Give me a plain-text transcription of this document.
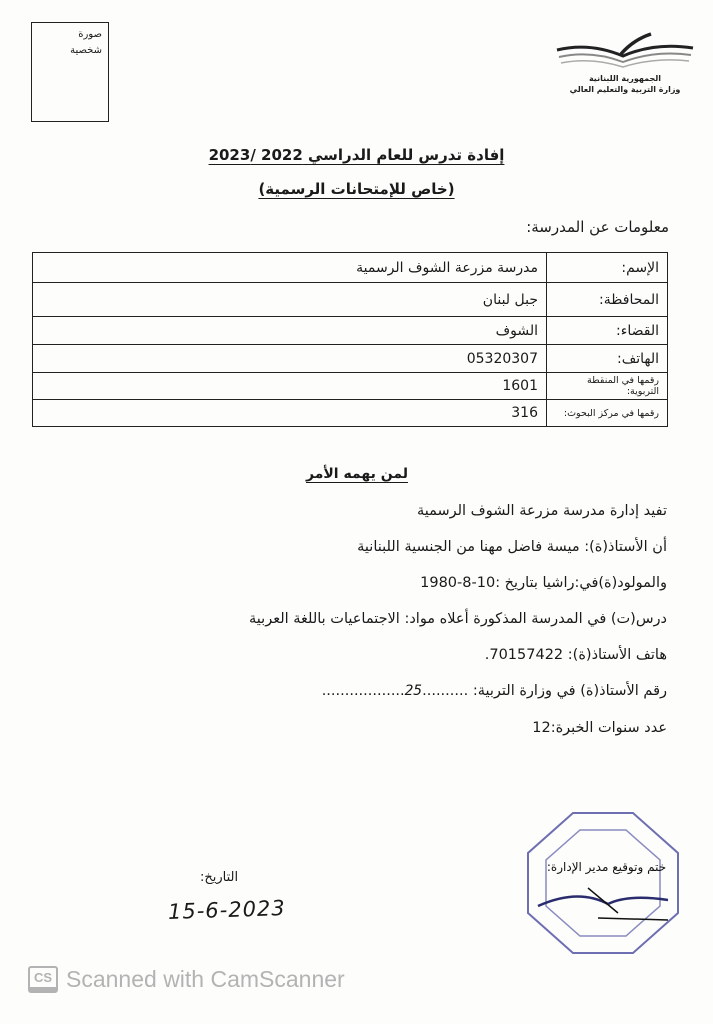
صورة
شخصية
الجمهورية اللبنانية
وزارة التربية والتعليم العالي
إفادة تدرس للعام الدراسي 2022 /2023
(خاص للإمتحانات الرسمية)
معلومات عن المدرسة:
الإسم:	مدرسة مزرعة الشوف الرسمية
المحافظة:	جبل لبنان
القضاء:	الشوف
الهاتف:	05320307
رقمها في المنقطة التربوية:	1601
رقمها في مركز البحوث:	316
لمن يهمه الأمر
تفيد إدارة مدرسة مزرعة الشوف الرسمية
أن الأستاذ(ة): ميسة فاضل مهنا من الجنسية اللبنانية
والمولود(ة)في:راشيا بتاريخ :10-8-1980
درس(ت) في المدرسة المذكورة أعلاه مواد: الاجتماعيات باللغة العربية
هاتف الأستاذ(ة): 70157422.
رقم الأستاذ(ة) في وزارة التربية: ..........25..................
عدد سنوات الخبرة:12
التاريخ:
15-6-2023
ختم وتوقيع مدير الإدارة:
CS Scanned with CamScanner
